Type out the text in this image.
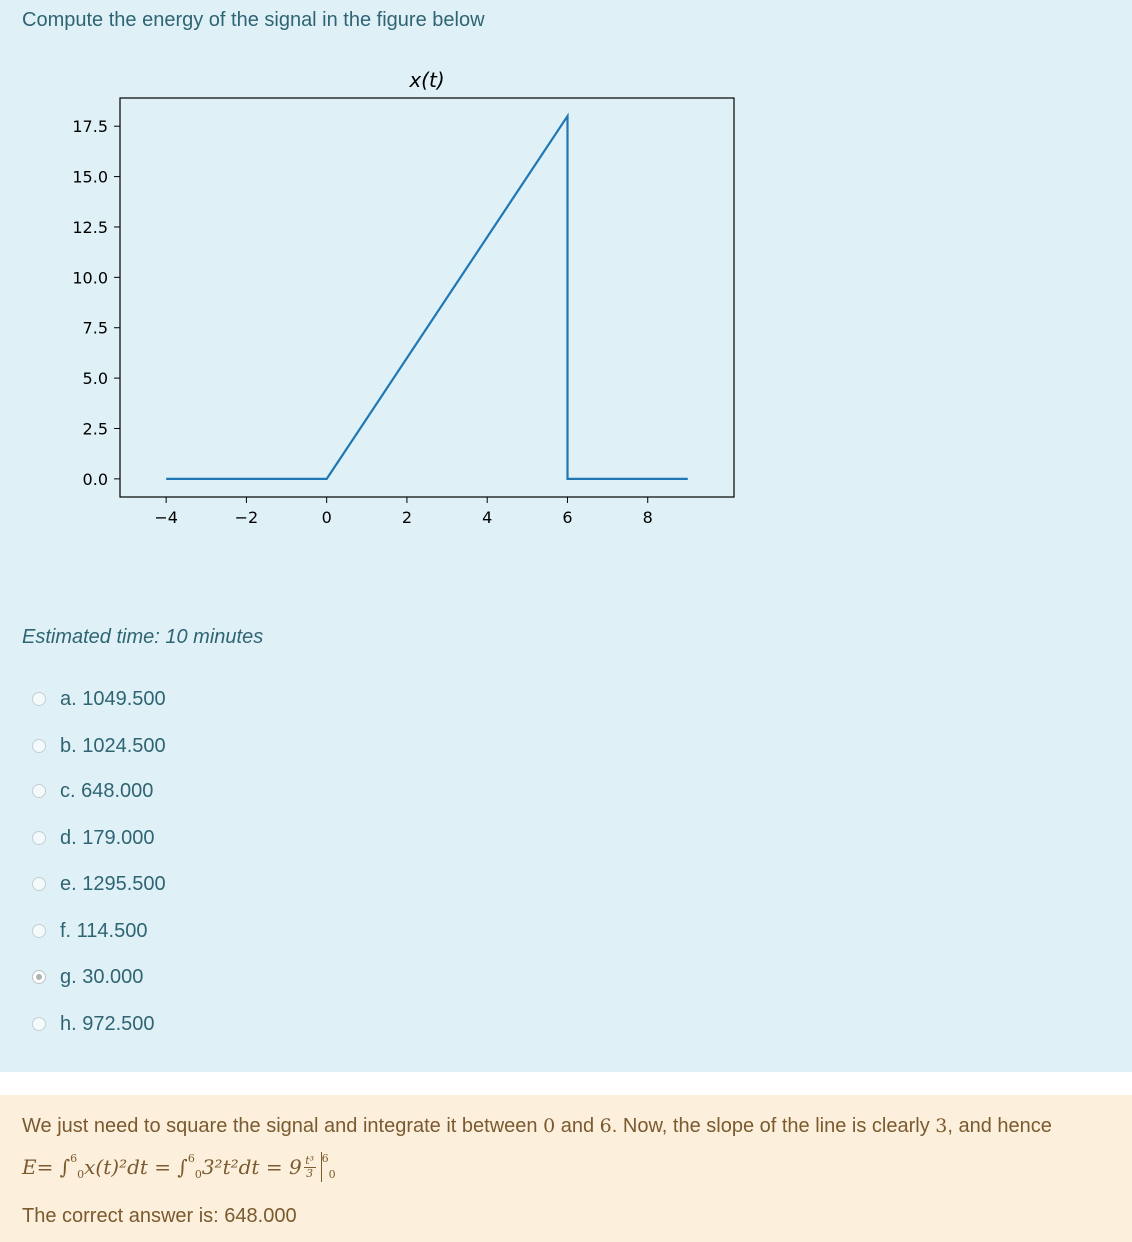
Compute the energy of the signal in the figure below
x(t)
0.0
2.5
5.0
7.5
10.0
12.5
15.0
17.5
−4	−2	0	2	4	6	8
Estimated time: 10 minutes
a. 1049.500
b. 1024.500
c. 648.000
d. 179.000
e. 1295.500
f. 114.500
g. 30.000
h. 972.500
We just need to square the signal and integrate it between 0 and 6. Now, the slope of the line is clearly 3, and hence
E = ∫ 6
0 x(t)²dt = ∫ 6
0 $3^2t^2dt = 9 \frac{\text{t³}}{3} 6$
0
The correct answer is: 648.000
